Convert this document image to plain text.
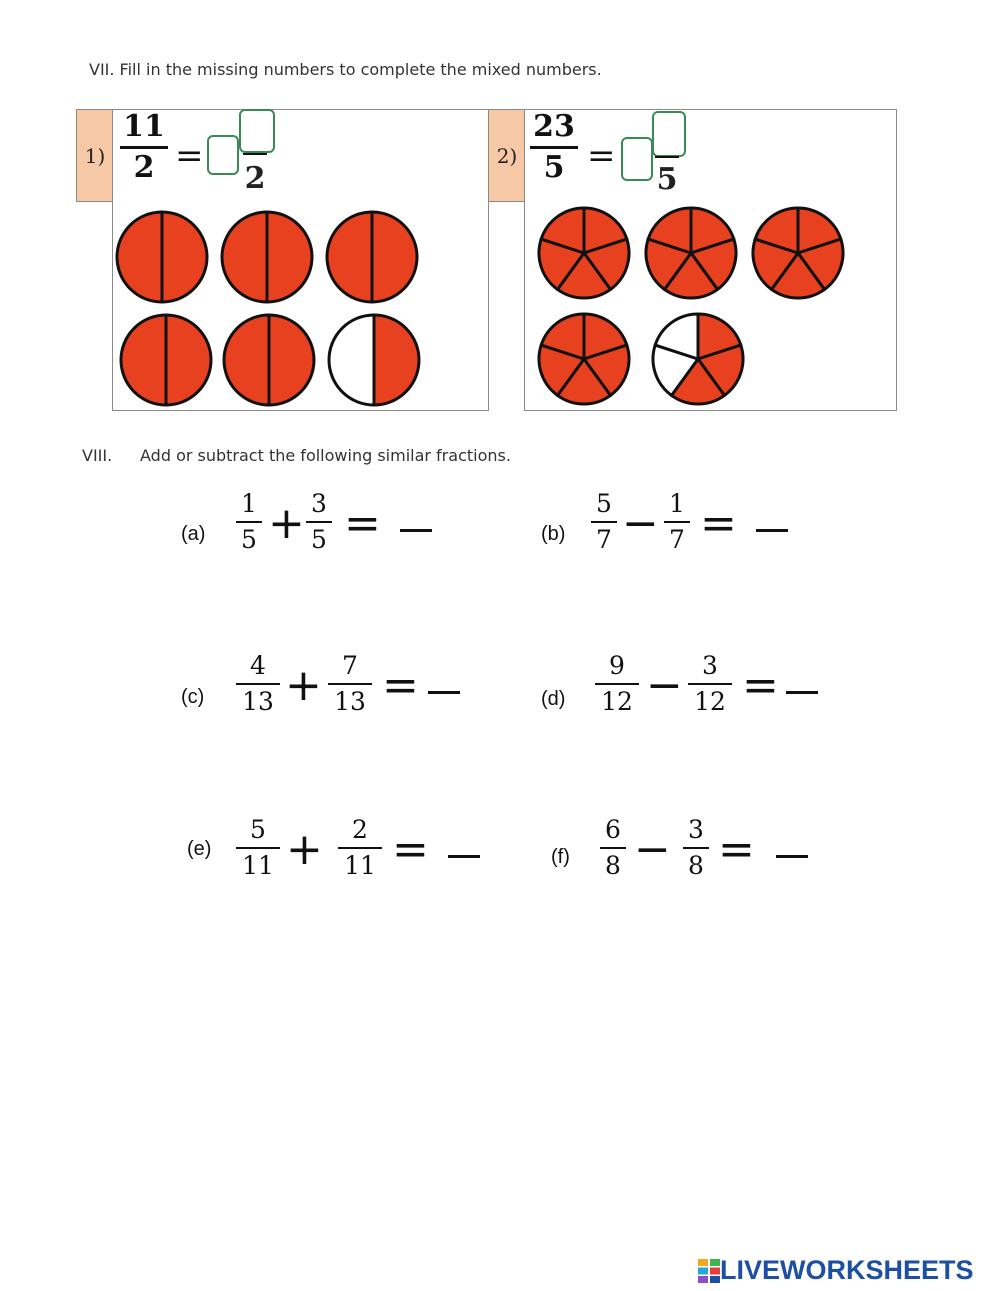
VII. Fill in the missing numbers to complete the mixed numbers.
1)
11
2 =
2
2)
23
5 =
5
VIII. Add or subtract the following similar fractions.
(a)
1
5 + 3
5 =	(b)
5
7 − 1
7 =
(c)
4
13 + 7
13 =	(d)
9
12 − 3
12 =
(e)
5
11 +	2
11 =	(f)
6
8 − 3
8 =
LIVEWORKSHEETS
